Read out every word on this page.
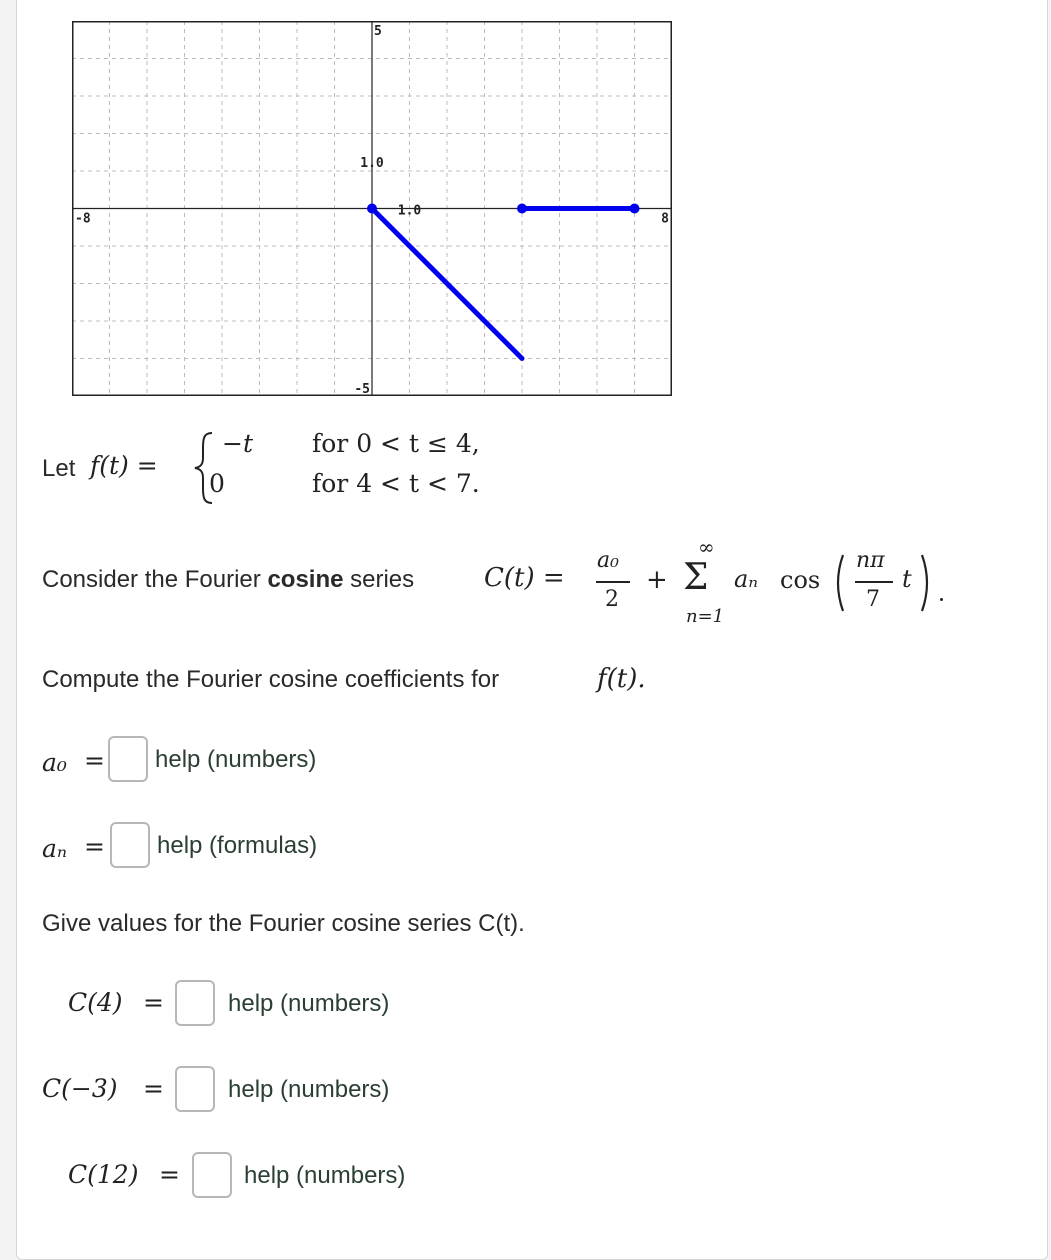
-8	8
5
-5
1.0
1.0
Let f(t) =
−t for 0 < t ≤ 4,
0	for 4 < t < 7.
Consider the Fourier cosine series	C(t) =
a₀
2
+
∞
Σ
n=1
aₙ cos
nπ
7
t
Compute the Fourier cosine coefficients for	f(t).
a₀ = help (numbers)
aₙ = help (formulas)
Give values for the Fourier cosine series C(t).
C(4) =	help (numbers)
C(−3) =	help (numbers)
C(12) =	help (numbers)
